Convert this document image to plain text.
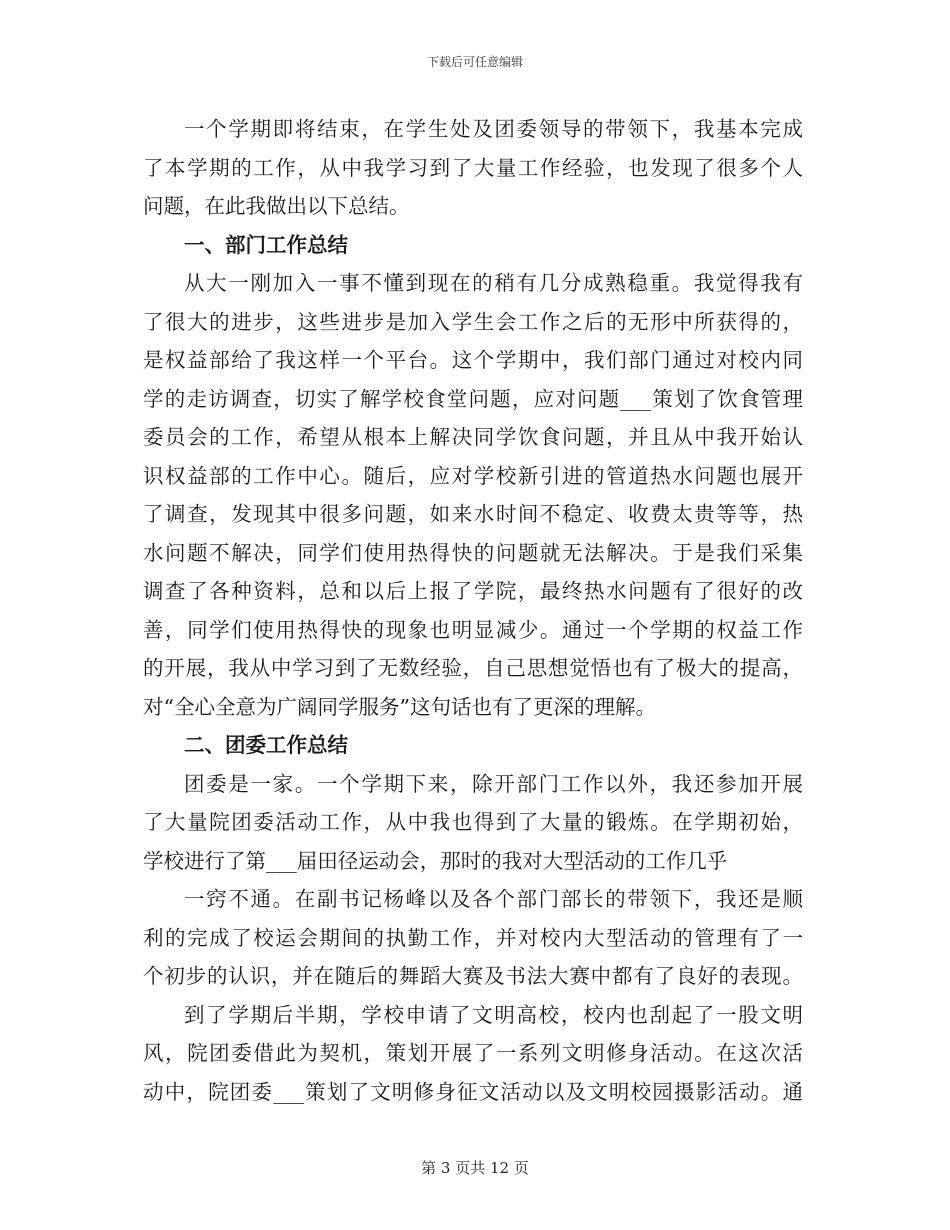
下载后可任意编辑
一个学期即将结束，在学生处及团委领导的带领下，我基本完成
了本学期的工作，从中我学习到了大量工作经验，也发现了很多个人
问题，在此我做出以下总结。
一、部门工作总结
从大一刚加入一事不懂到现在的稍有几分成熟稳重。我觉得我有
了很大的进步，这些进步是加入学生会工作之后的无形中所获得的，
是权益部给了我这样一个平台。这个学期中，我们部门通过对校内同
学的走访调查，切实了解学校食堂问题，应对问题___策划了饮食管理
委员会的工作，希望从根本上解决同学饮食问题，并且从中我开始认
识权益部的工作中心。随后，应对学校新引进的管道热水问题也展开
了调查，发现其中很多问题，如来水时间不稳定、收费太贵等等，热
水问题不解决，同学们使用热得快的问题就无法解决。于是我们采集
调查了各种资料，总和以后上报了学院，最终热水问题有了很好的改
善，同学们使用热得快的现象也明显减少。通过一个学期的权益工作
的开展，我从中学习到了无数经验，自己思想觉悟也有了极大的提高，
对“全心全意为广阔同学服务”这句话也有了更深的理解。
二、团委工作总结
团委是一家。一个学期下来，除开部门工作以外，我还参加开展
了大量院团委活动工作，从中我也得到了大量的锻炼。在学期初始，
学校进行了第___届田径运动会，那时的我对大型活动的工作几乎
一窍不通。在副书记杨峰以及各个部门部长的带领下，我还是顺
利的完成了校运会期间的执勤工作，并对校内大型活动的管理有了一
个初步的认识，并在随后的舞蹈大赛及书法大赛中都有了良好的表现。
到了学期后半期，学校申请了文明高校，校内也刮起了一股文明
风，院团委借此为契机，策划开展了一系列文明修身活动。在这次活
动中，院团委___策划了文明修身征文活动以及文明校园摄影活动。通
第 3 页共 12 页
